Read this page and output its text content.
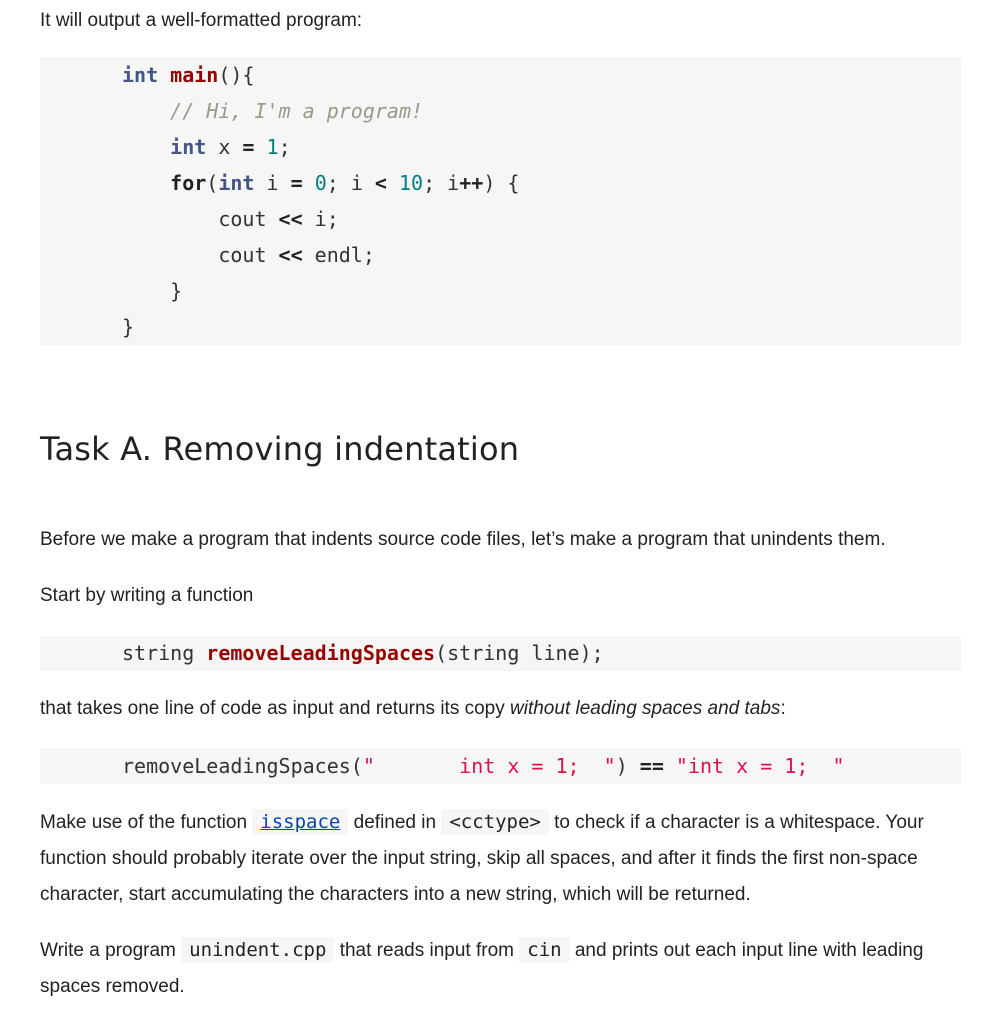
It will output a well-formatted program:

int main(){
// Hi, I'm a program!
int x = 1;
for(int i = 0; i < 10; i++) {
cout << i;
cout << endl;
}
}
Task A. Removing indentation

Before we make a program that indents source code files, let’s make a program that unindents them.

Start by writing a function

string removeLeadingSpaces(string line);

that takes one line of code as input and returns its copy without leading spaces and tabs:

removeLeadingSpaces("       int x = 1;  ") == "int x = 1;  "

Make use of the function isspace defined in <cctype> to check if a character is a whitespace. Your function should probably iterate over the input string, skip all spaces, and after it finds the first non-space character, start accumulating the characters into a new string, which will be returned.

Write a program unindent.cpp that reads input from cin and prints out each input line with leading spaces removed.
